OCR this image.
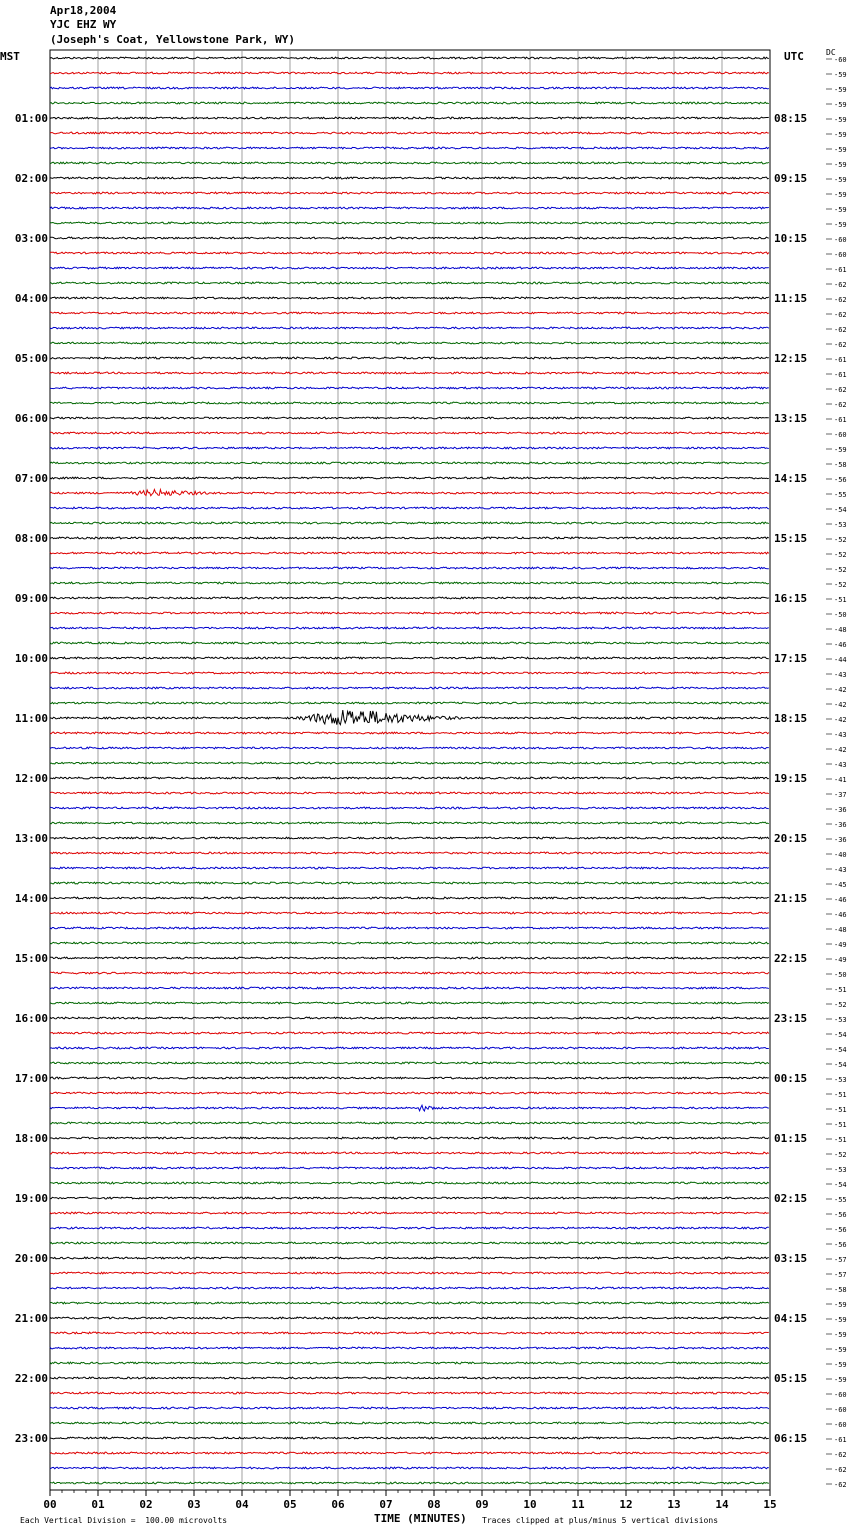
Apr18,2004
YJC EHZ WY
(Joseph's Coat, Yellowstone Park, WY)
MST	UTC	DC
00	01	02	03	04	05	06	07	08	09	10	11	12	13	14	15
-60
-59
-59
-59
-59
01:00	08:15
-59
-59
-59
-59
02:00	09:15
-59
-59
-59
-60
03:00	10:15
-60
-61
-62
-62
04:00	11:15
-62
-62
-62
-61
05:00	12:15
-61
-62
-62
-61
06:00	13:15
-60
-59
-58
-56
07:00	14:15
-55
-54
-53
-52
08:00	15:15
-52
-52
-52
-51
09:00	16:15
-50
-48
-46
-44
10:00	17:15
-43
-42
-42
-42
11:00	18:15
-43
-42
-43
-41
12:00	19:15
-37
-36
-36
-36
13:00	20:15
-40
-43
-45
-46
14:00	21:15
-46
-48
-49
-49
15:00	22:15
-50
-51
-52
-53
16:00	23:15
-54
-54
-54
-53
17:00	00:15
-51
-51
-51
-51
18:00	01:15
-52
-53
-54
-55
19:00	02:15
-56
-56
-56
-57
20:00	03:15
-57
-58
-59
-59
21:00	04:15
-59
-59
-59
-59
22:00	05:15
-60
-60
-60
-61
23:00	06:15
-62
-62
-62
Each Vertical Division =  100.00 microvolts	TIME (MINUTES) Traces clipped at plus/minus 5 vertical divisions
